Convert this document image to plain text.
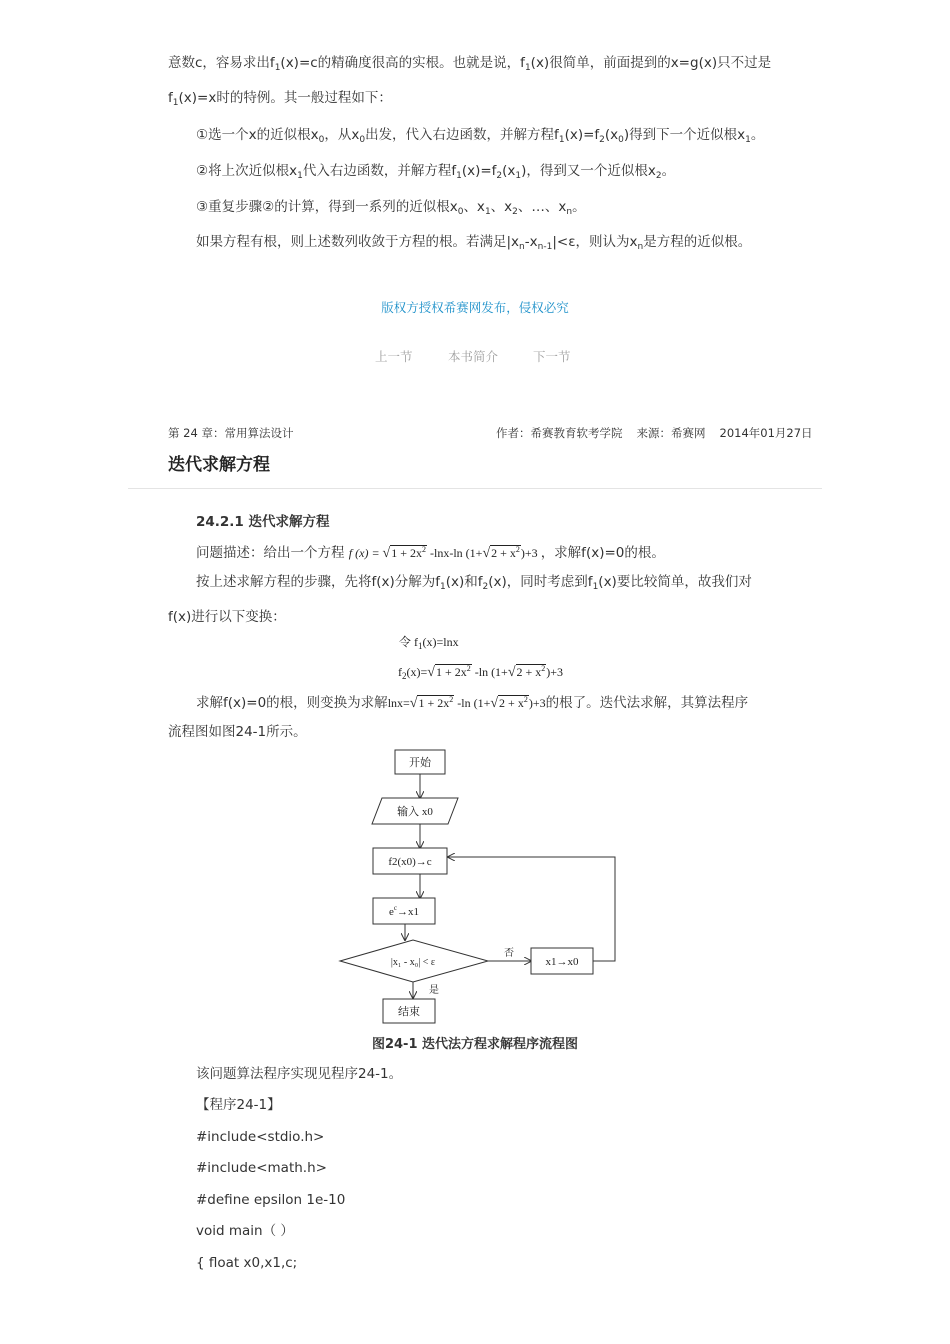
意数c，容易求出$f_1(x)=c$的精确度很高的实根。也就是说，$f_1(x)$很简单，前面提到的x=g(x)只不过是
$f_1(x)=x$时的特例。其一般过程如下：
①选一个x的近似根$x_0$，从$x_0$出发，代入右边函数，并解方程$f_1(x)=f_2(x_0)$得到下一个近似根$x_1$。
②将上次近似根$x_1$代入右边函数，并解方程$f_1(x)=f_2(x_1)$，得到又一个近似根$x_2$。
③重复步骤②的计算，得到一系列的近似根$x_0$、$x_1$、$x_2$、…、$x_n$。
如果方程有根，则上述数列收敛于方程的根。若满足$|x_n-x_{n-1}|<\varepsilon$，则认为$x_n$是方程的近似根。
版权方授权希赛网发布，侵权必究
上一节	本书简介	下一节
第 24 章：常用算法设计	作者：希赛教育软考学院 来源：希赛网 2014年01月27日
迭代求解方程
24.2.1 迭代求解方程
问题描述：给出一个方程 f $(x) = √1 + 2x^2$ -lnx-ln $(1+√2 + x^2)+3$ ，求解f(x)=0的根。
按上述求解方程的步骤，先将f(x)分解为$f_1(x)$和$f_2(x)$，同时考虑到$f_1(x)$要比较简单，故我们对
f(x)进行以下变换：
令 $f_1(x)=\ln x$
$f_2(x)=√1 + 2x^2$ -ln $(1+√2 + x^2)+3$
求解f(x)=0的根，则变换为求解$\ln x=√1 + 2x^2$ -ln $(1+√2 + x^2)+3$的根了。迭代法求解，其算法程序
流程图如图24-1所示。
开始
输入 x0
f2(x0)→c
$e^c\to x1$
|x₁ - x₀| < ε
否
是
x1→x0
结束
图24-1 迭代法方程求解程序流程图
该问题算法程序实现见程序24-1。
【程序24-1】
#include<stdio.h>
#include<math.h>
#define epsilon 1e-10
void main（ ）
{ float x0,x1,c;
